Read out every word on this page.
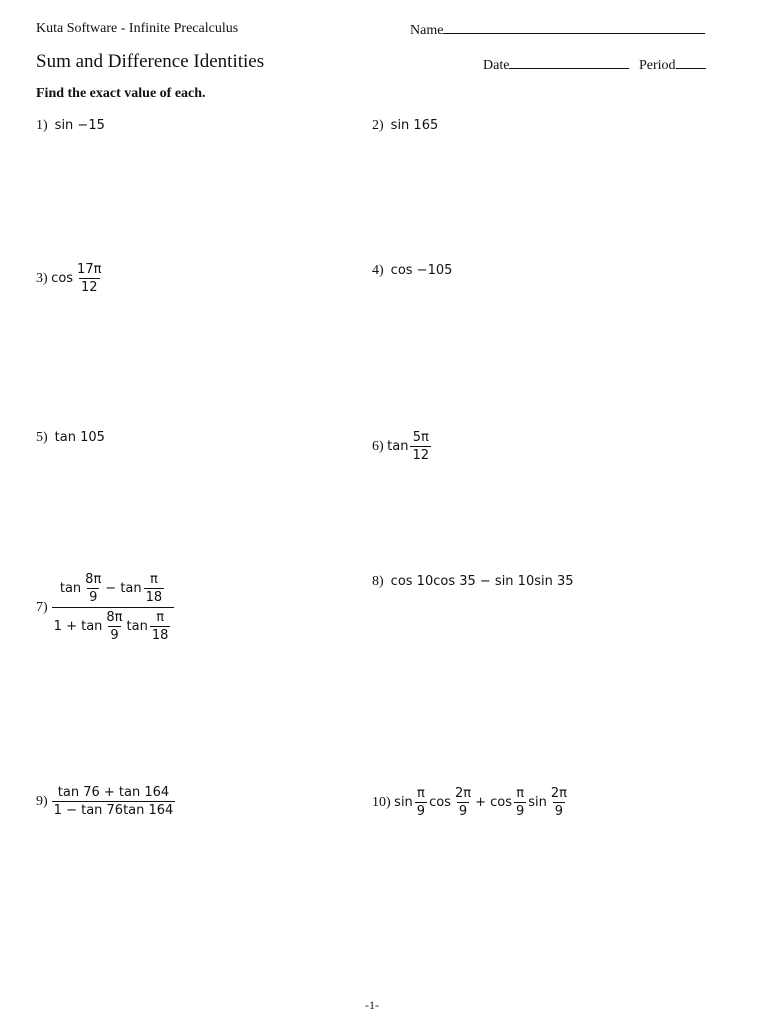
Kuta Software - Infinite Precalculus	Name
Sum and Difference Identities	Date	Period
Find the exact value of each.
1) sin −15	2) sin 165
3)
$\cos \frac{17\pi}{12}$	4) cos −105
5) tan 105
6)
$\tan \frac{5\pi}{12}$
7)
$\tan \frac{8\pi}{9}$ −
$\tan \frac{\pi}{18}$
$1 + \tan \frac{8\pi}{9}$ $\tan \frac{\pi}{18}$
8) cos 10cos 35 − sin 10sin 35
$9) \frac{\tan 76 + \tan 164}{1 - \tan 76\tan 164}$	10)
$\sin \frac{\pi}{9}$ $\cos \frac{2\pi}{9} + \cos \frac{\pi}{9}$ $\sin \frac{2\pi}{9}$
-1-
